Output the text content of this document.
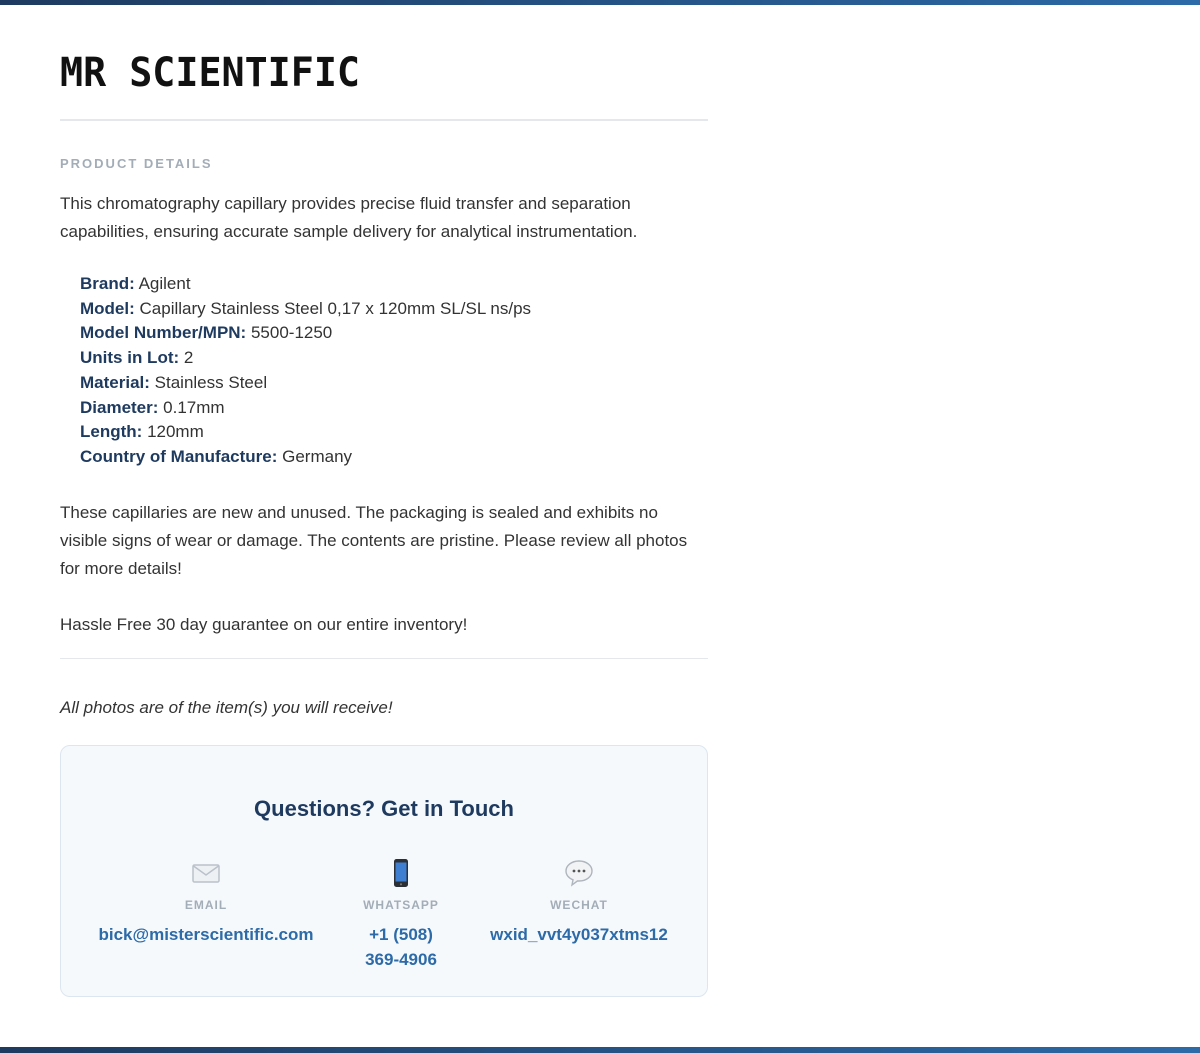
MR SCIENTIFIC
PRODUCT DETAILS

This chromatography capillary provides precise fluid transfer and separation capabilities, ensuring accurate sample delivery for analytical instrumentation.

Brand: Agilent
Model: Capillary Stainless Steel 0,17 x 120mm SL/SL ns/ps
Model Number/MPN: 5500-1250
Units in Lot: 2
Material: Stainless Steel
Diameter: 0.17mm
Length: 120mm
Country of Manufacture: Germany

These capillaries are new and unused. The packaging is sealed and exhibits no visible signs of wear or damage. The contents are pristine. Please review all photos for more details!

Hassle Free 30 day guarantee on our entire inventory!

All photos are of the item(s) you will receive!

Questions? Get in Touch
EMAIL
bick@misterscientific.com
WHATSAPP
+1 (508)
369-4906
WECHAT
wxid_vvt4y037xtms12
